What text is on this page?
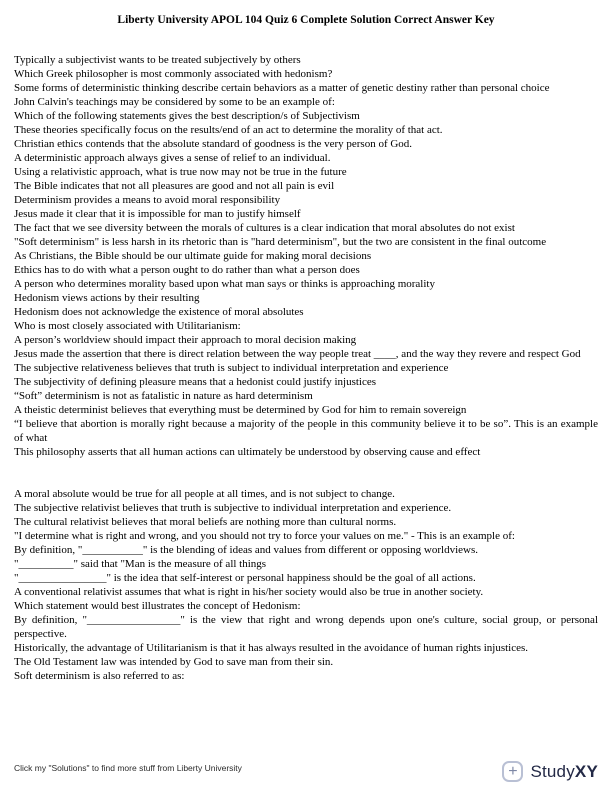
Liberty University APOL 104 Quiz 6 Complete Solution Correct Answer Key

Typically a subjectivist wants to be treated subjectively by others

Which Greek philosopher is most commonly associated with hedonism?

Some forms of deterministic thinking describe certain behaviors as a matter of genetic destiny rather than personal choice

John Calvin's teachings may be considered by some to be an example of:

Which of the following statements gives the best description/s of Subjectivism

These theories specifically focus on the results/end of an act to determine the morality of that act.

Christian ethics contends that the absolute standard of goodness is the very person of God.

A deterministic approach always gives a sense of relief to an individual.

Using a relativistic approach, what is true now may not be true in the future

The Bible indicates that not all pleasures are good and not all pain is evil

Determinism provides a means to avoid moral responsibility

Jesus made it clear that it is impossible for man to justify himself

The fact that we see diversity between the morals of cultures is a clear indication that moral absolutes do not exist

"Soft determinism" is less harsh in its rhetoric than is "hard determinism", but the two are consistent in the final outcome

As Christians, the Bible should be our ultimate guide for making moral decisions

Ethics has to do with what a person ought to do rather than what a person does

A person who determines morality based upon what man says or thinks is approaching morality

Hedonism views actions by their resulting

Hedonism does not acknowledge the existence of moral absolutes

Who is most closely associated with Utilitarianism:

A person’s worldview should impact their approach to moral decision making

Jesus made the assertion that there is direct relation between the way people treat ____, and the way they revere and respect God

The subjective relativeness believes that truth is subject to individual interpretation and experience

The subjectivity of defining pleasure means that a hedonist could justify injustices

“Soft” determinism is not as fatalistic in nature as hard determinism

A theistic determinist believes that everything must be determined by God for him to remain sovereign

“I believe that abortion is morally right because a majority of the people in this community believe it to be so”. This is an example of what

This philosophy asserts that all human actions can ultimately be understood by observing cause and effect

A moral absolute would be true for all people at all times, and is not subject to change.

The subjective relativist believes that truth is subjective to individual interpretation and experience.

The cultural relativist believes that moral beliefs are nothing more than cultural norms.

"I determine what is right and wrong, and you should not try to force your values on me." - This is an example of:

By definition, "___________" is the blending of ideas and values from different or opposing worldviews.

"__________" said that "Man is the measure of all things

"________________" is the idea that self-interest or personal happiness should be the goal of all actions.

A conventional relativist assumes that what is right in his/her society would also be true in another society.

Which statement would best illustrates the concept of Hedonism:

By definition, "_________________" is the view that right and wrong depends upon one's culture, social group, or personal perspective.

Historically, the advantage of Utilitarianism is that it has always resulted in the avoidance of human rights injustices.

The Old Testament law was intended by God to save man from their sin.

Soft determinism is also referred to as:

Click my "Solutions" to find more stuff from Liberty University	+ StudyXY
